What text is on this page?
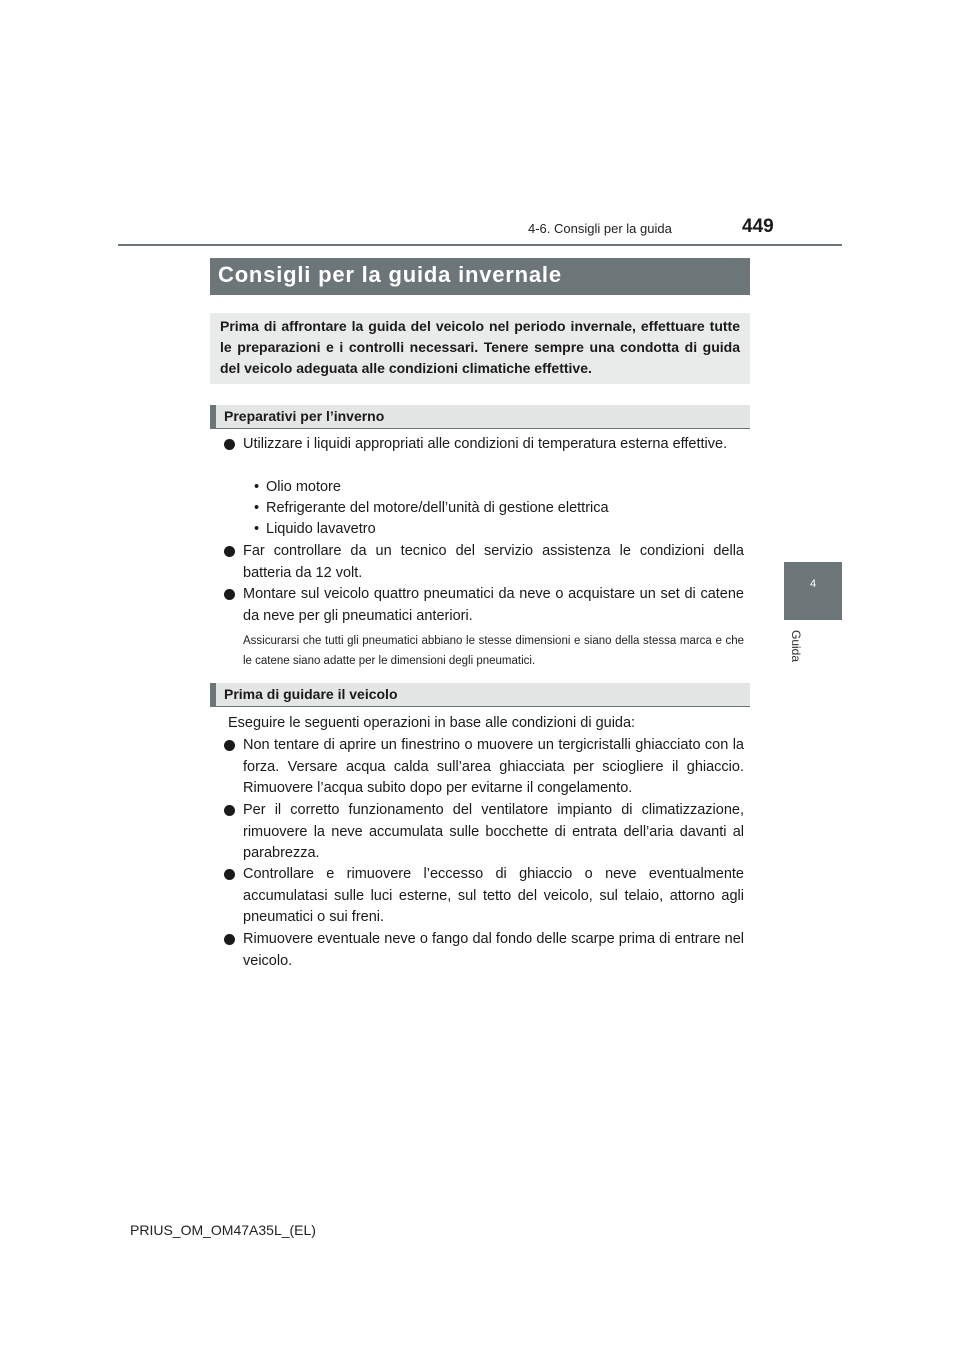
4-6. Consigli per la guida	449
4
Guida
Consigli per la guida invernale
Prima di affrontare la guida del veicolo nel periodo invernale, effettuare tutte le preparazioni e i controlli necessari. Tenere sempre una condotta di guida del veicolo adeguata alle condizioni climatiche effettive.
Preparativi per l’inverno
Utilizzare i liquidi appropriati alle condizioni di temperatura esterna effettive.
• Olio motore
• Refrigerante del motore/dell’unità di gestione elettrica
• Liquido lavavetro
Far controllare da un tecnico del servizio assistenza le condizioni della batteria da 12 volt.
Montare sul veicolo quattro pneumatici da neve o acquistare un set di catene da neve per gli pneumatici anteriori.
Assicurarsi che tutti gli pneumatici abbiano le stesse dimensioni e siano della stessa marca e che le catene siano adatte per le dimensioni degli pneumatici.
Prima di guidare il veicolo
Eseguire le seguenti operazioni in base alle condizioni di guida:
Non tentare di aprire un finestrino o muovere un tergicristalli ghiacciato con la forza. Versare acqua calda sull’area ghiacciata per sciogliere il ghiaccio. Rimuovere l’acqua subito dopo per evitarne il congelamento.
Per il corretto funzionamento del ventilatore impianto di climatizzazione, rimuovere la neve accumulata sulle bocchette di entrata dell’aria davanti al parabrezza.
Controllare e rimuovere l’eccesso di ghiaccio o neve eventualmente accumulatasi sulle luci esterne, sul tetto del veicolo, sul telaio, attorno agli pneumatici o sui freni.
Rimuovere eventuale neve o fango dal fondo delle scarpe prima di entrare nel veicolo.
PRIUS_OM_OM47A35L_(EL)
